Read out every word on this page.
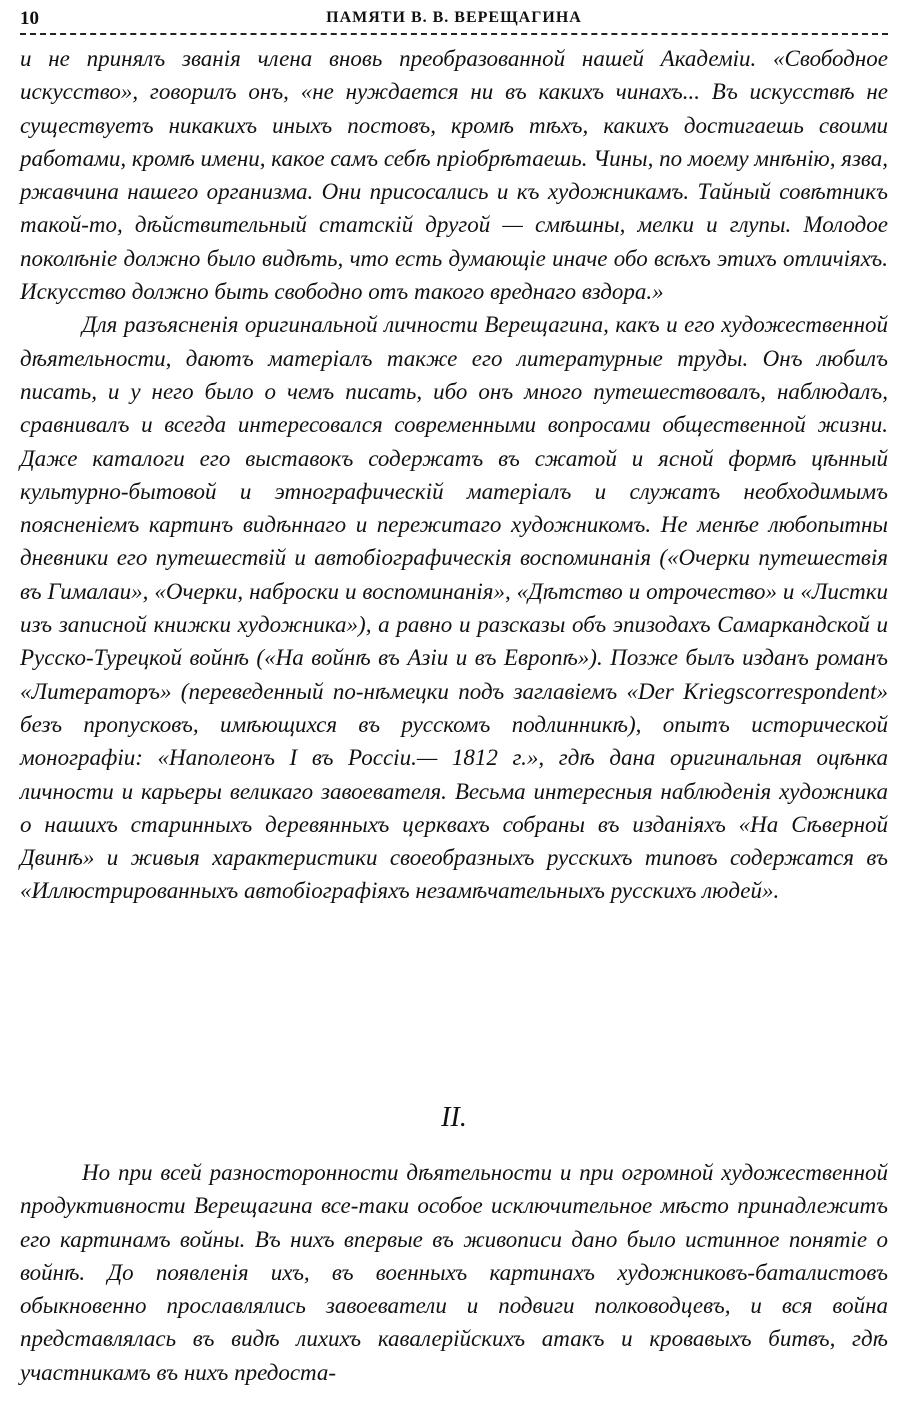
10	ПАМЯТИ В. В. ВЕРЕЩАГИНА

и не принялъ званія члена вновь преобразованной нашей Академіи. «Свободное искусство», говорилъ онъ, «не нуждается ни въ какихъ чинахъ... Въ искусствѣ не существуетъ никакихъ иныхъ постовъ, кромѣ тѣхъ, какихъ достигаешь своими работами, кромѣ имени, какое самъ себѣ пріобрѣтаешь. Чины, по моему мнѣнію, язва, ржавчина нашего организма. Они присосались и къ художникамъ. Тайный совѣтникъ такой-то, дѣйствительный статскій другой — смѣшны, мелки и глупы. Молодое поколѣніе должно было видѣть, что есть думающіе иначе обо всѣхъ этихъ отличіяхъ. Искусство должно быть свободно отъ такого вреднаго вздора.»

Для разъясненія оригинальной личности Верещагина, какъ и его художественной дѣятельности, даютъ матеріалъ также его литературные труды. Онъ любилъ писать, и у него было о чемъ писать, ибо онъ много путешествовалъ, наблюдалъ, сравнивалъ и всегда интересовался современными вопросами общественной жизни. Даже каталоги его выставокъ содержатъ въ сжатой и ясной формѣ цѣнный культурно-бытовой и этнографическій матеріалъ и служатъ необходимымъ поясненіемъ картинъ видѣннаго и пережитаго художникомъ. Не менѣе любопытны дневники его путешествій и автобіографическія воспоминанія («Очерки путешествія въ Гималаи», «Очерки, наброски и воспоминанія», «Дѣтство и отрочество» и «Листки изъ записной книжки художника»), а равно и разсказы объ эпизодахъ Самаркандской и Русско-Турецкой войнѣ («На войнѣ въ Азіи и въ Европѣ»). Позже былъ изданъ романъ «Литераторъ» (переведенный по-нѣмецки подъ заглавіемъ «Der Kriegscorrespondent» безъ пропусковъ, имѣющихся въ русскомъ подлинникѣ), опытъ исторической монографіи: «Наполеонъ I въ Россіи.— 1812 г.», гдѣ дана оригинальная оцѣнка личности и карьеры великаго завоевателя. Весьма интересныя наблюденія художника о нашихъ старинныхъ деревянныхъ церквахъ собраны въ изданіяхъ «На Сѣверной Двинѣ» и живыя характеристики своеобразныхъ русскихъ типовъ содержатся въ «Иллюстрированныхъ автобіографіяхъ незамѣчательныхъ русскихъ людей».

II.

Но при всей разносторонности дѣятельности и при огромной художественной продуктивности Верещагина все-таки особое исключительное мѣсто принадлежитъ его картинамъ войны. Въ нихъ впервые въ живописи дано было истинное понятіе о войнѣ. До появленія ихъ, въ военныхъ картинахъ художниковъ-баталистовъ обыкновенно прославлялись завоеватели и подвиги полководцевъ, и вся война представлялась въ видѣ лихихъ кавалерійскихъ атакъ и кровавыхъ битвъ, гдѣ участникамъ въ нихъ предоста-
